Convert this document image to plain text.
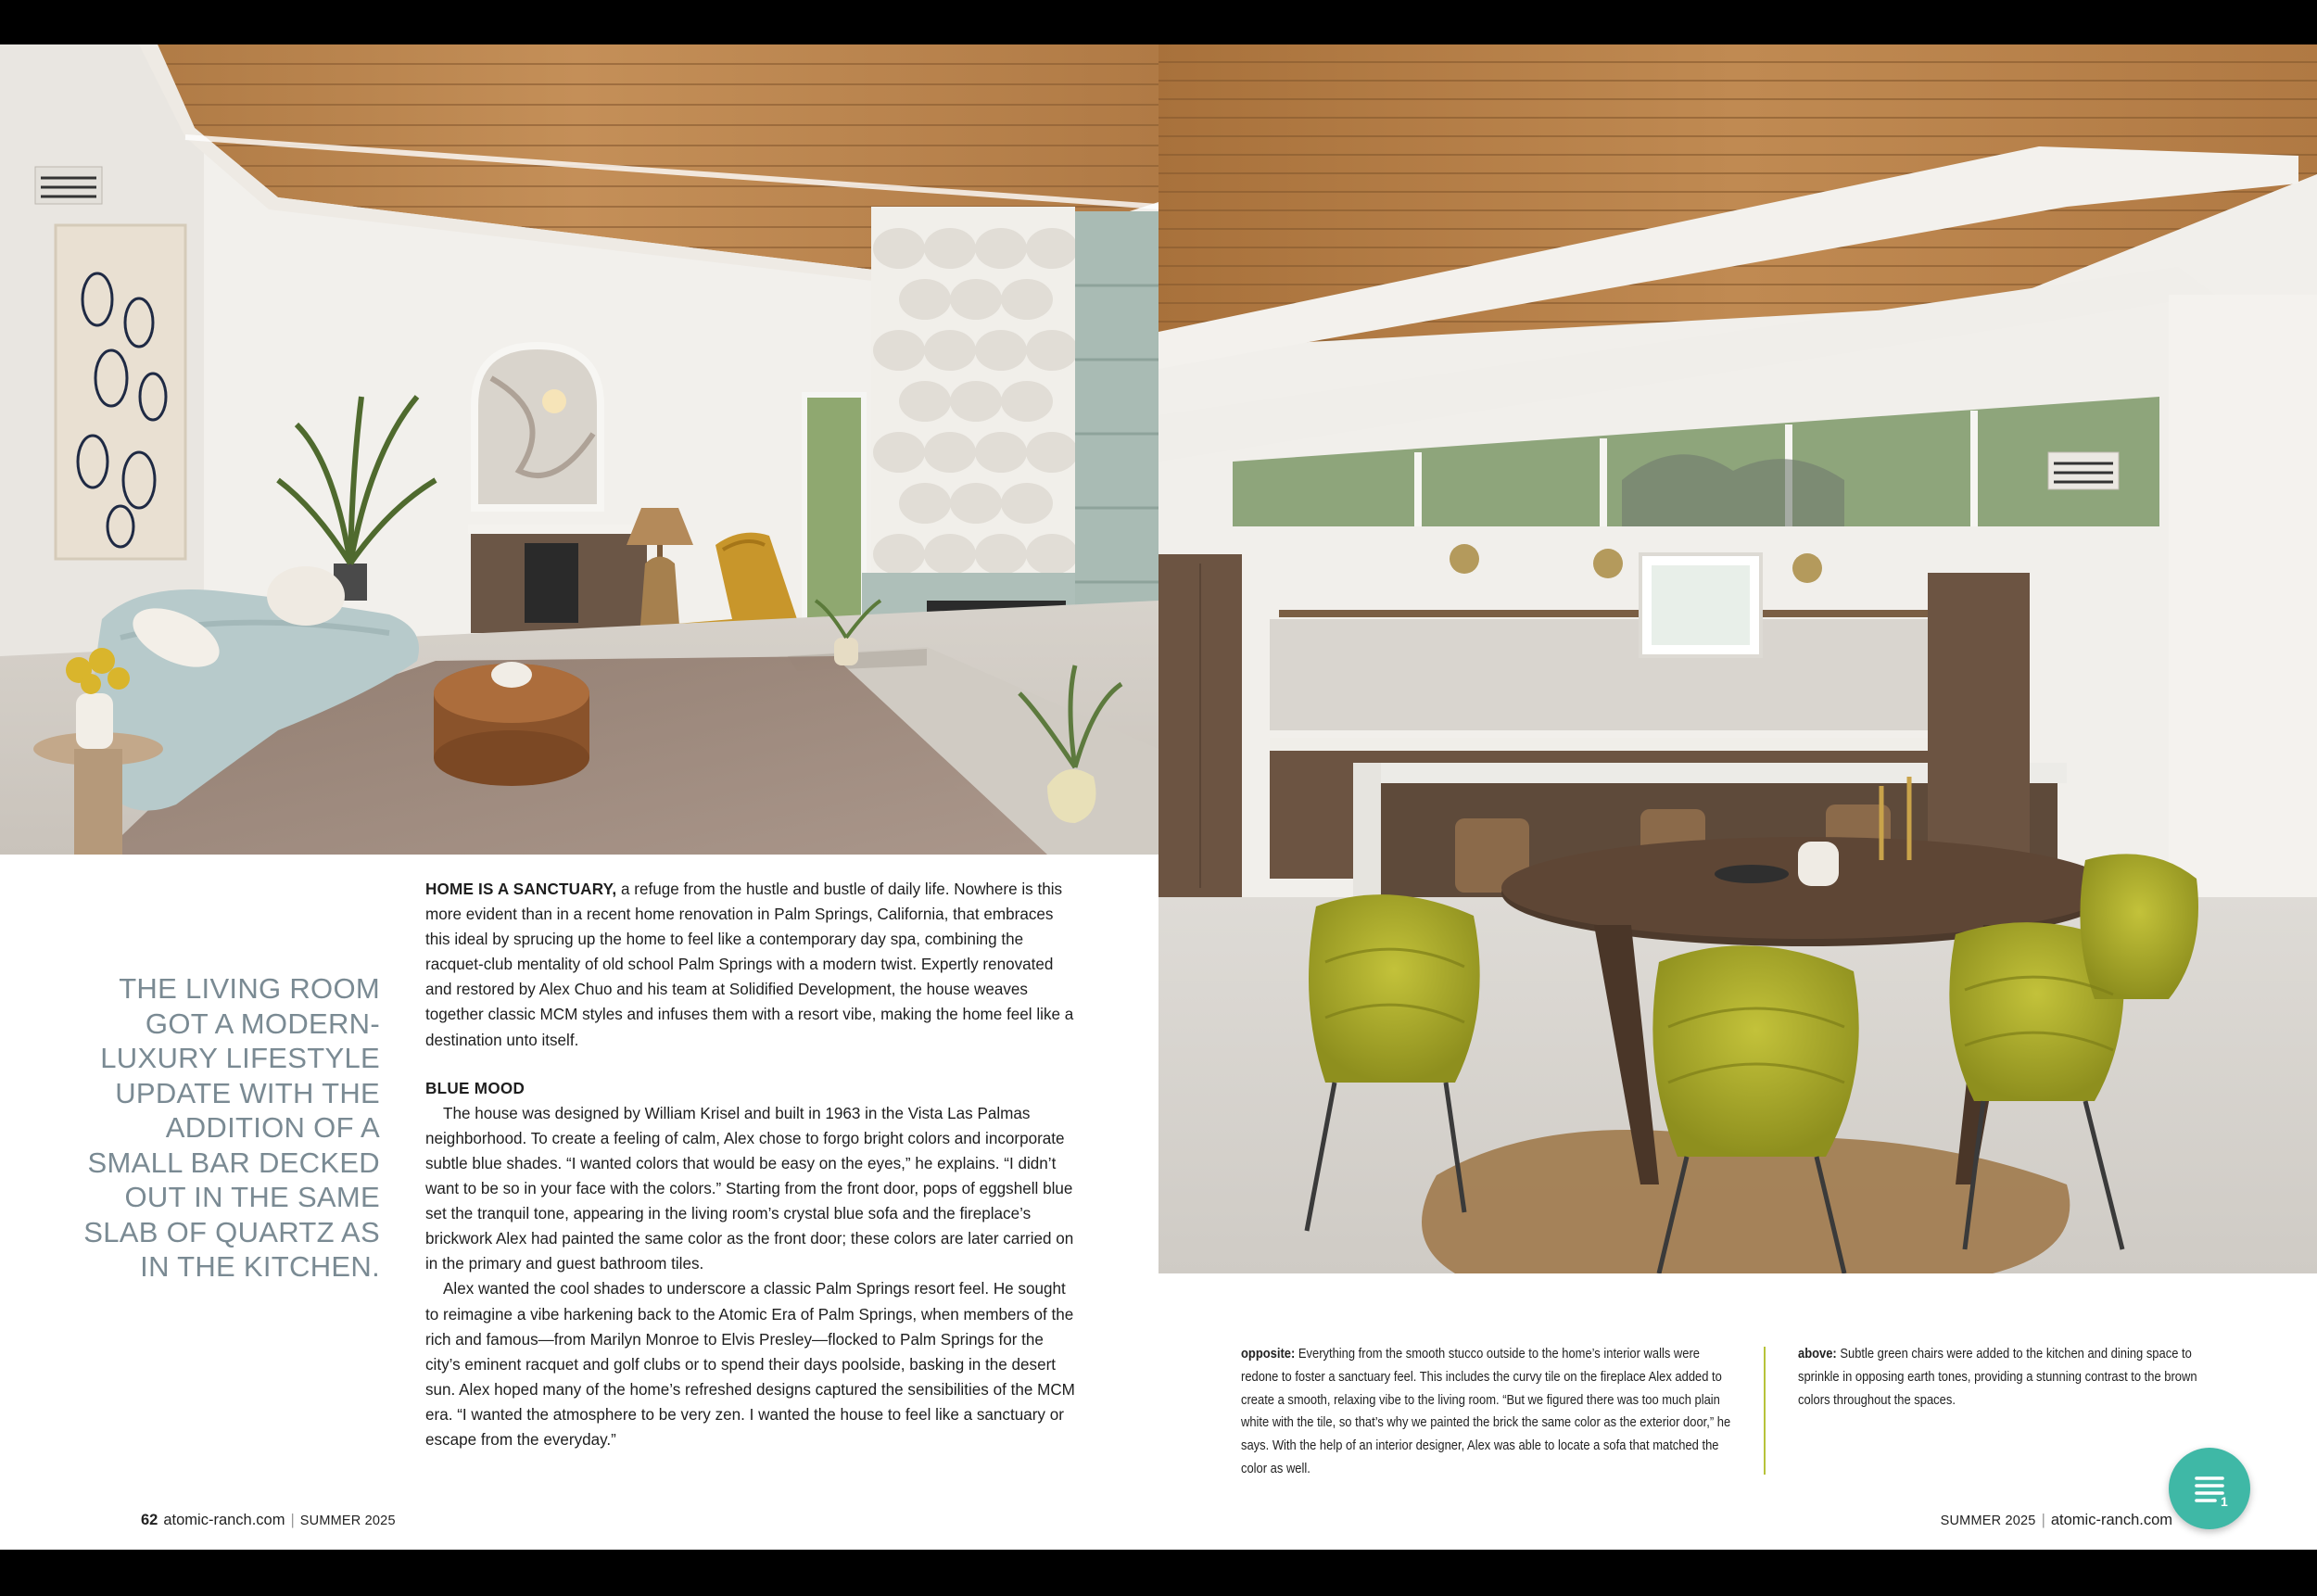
THE LIVING ROOM
GOT A MODERN-
LUXURY LIFESTYLE
UPDATE WITH THE
ADDITION OF A
SMALL BAR DECKED
OUT IN THE SAME
SLAB OF QUARTZ AS
IN THE KITCHEN.

HOME IS A SANCTUARY, a refuge from the hustle and bustle of daily life. Nowhere is this more evident than in a recent home renovation in Palm Springs, California, that embraces this ideal by sprucing up the home to feel like a contemporary day spa, combining the racquet-club mentality of old school Palm Springs with a modern twist. Expertly renovated and restored by Alex Chuo and his team at Solidified Development, the house weaves together classic MCM styles and infuses them with a resort vibe, making the home feel like a destination unto itself.

BLUE MOOD

The house was designed by William Krisel and built in 1963 in the Vista Las Palmas neighborhood. To create a feeling of calm, Alex chose to forgo bright colors and incorporate subtle blue shades. “I wanted colors that would be easy on the eyes,” he explains. “I didn’t want to be so in your face with the colors.” Starting from the front door, pops of eggshell blue set the tranquil tone, appearing in the living room’s crystal blue sofa and the fireplace’s brickwork Alex had painted the same color as the front door; these colors are later carried on in the primary and guest bathroom tiles.

Alex wanted the cool shades to underscore a classic Palm Springs resort feel. He sought to reimagine a vibe harkening back to the Atomic Era of Palm Springs, when members of the rich and famous—from Marilyn Monroe to Elvis Presley—flocked to Palm Springs for the city’s eminent racquet and golf clubs or to spend their days poolside, basking in the desert sun. Alex hoped many of the home’s refreshed designs captured the sensibilities of the MCM era. “I wanted the atmosphere to be very zen. I wanted the house to feel like a sanctuary or escape from the everyday.”

opposite: Everything from the smooth stucco outside to the home’s interior walls were redone to foster a sanctuary feel. This includes the curvy tile on the fireplace Alex added to create a smooth, relaxing vibe to the living room. “But we figured there was too much plain white with the tile, so that’s why we painted the brick the same color as the exterior door,” he says. With the help of an interior designer, Alex was able to locate a sofa that matched the color as well.
above: Subtle green chairs were added to the kitchen and dining space to sprinkle in opposing earth tones, providing a stunning contrast to the brown colors throughout the spaces.
62 atomic-ranch.com | SUMMER 2025	SUMMER 2025 | atomic-ranch.com
1
